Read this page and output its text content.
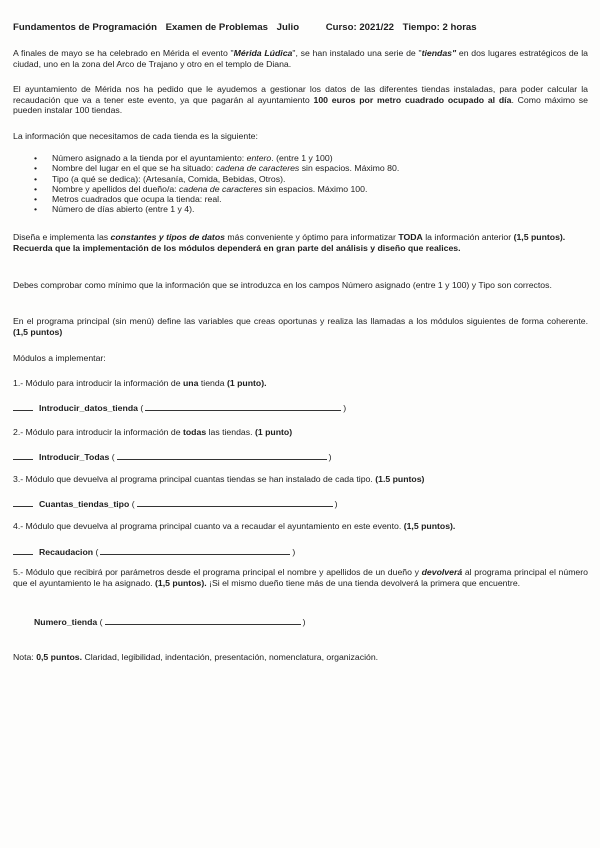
Fundamentos de Programación Examen de Problemas Julio	Curso: 2021/22 Tiempo: 2 horas

A finales de mayo se ha celebrado en Mérida el evento "Mérida Lúdica", se han instalado una serie de "tiendas" en dos lugares estratégicos de la ciudad, uno en la zona del Arco de Trajano y otro en el templo de Diana.

El ayuntamiento de Mérida nos ha pedido que le ayudemos a gestionar los datos de las diferentes tiendas instaladas, para poder calcular la recaudación que va a tener este evento, ya que pagarán al ayuntamiento 100 euros por metro cuadrado ocupado al día. Como máximo se pueden instalar 100 tiendas.

La información que necesitamos de cada tienda es la siguiente:

• Número asignado a la tienda por el ayuntamiento: entero. (entre 1 y 100)
• Nombre del lugar en el que se ha situado: cadena de caracteres sin espacios. Máximo 80.
• Tipo (a qué se dedica): (Artesanía, Comida, Bebidas, Otros).
• Nombre y apellidos del dueño/a: cadena de caracteres sin espacios. Máximo 100.
• Metros cuadrados que ocupa la tienda: real.
• Número de días abierto (entre 1 y 4).

Diseña e implementa las constantes y tipos de datos más conveniente y óptimo para informatizar TODA la información anterior (1,5 puntos).

Recuerda que la implementación de los módulos dependerá en gran parte del análisis y diseño que realices.

Debes comprobar como mínimo que la información que se introduzca en los campos Número asignado (entre 1 y 100) y Tipo son correctos.

En el programa principal (sin menú) define las variables que creas oportunas y realiza las llamadas a los módulos siguientes de forma coherente. (1,5 puntos)

Módulos a implementar:

1.- Módulo para introducir la información de una tienda (1 punto).

Introducir_datos_tienda (	)

2.- Módulo para introducir la información de todas las tiendas. (1 punto)

Introducir_Todas (	)

3.- Módulo que devuelva al programa principal cuantas tiendas se han instalado de cada tipo. (1.5 puntos)

Cuantas_tiendas_tipo (	)

4.- Módulo que devuelva al programa principal cuanto va a recaudar el ayuntamiento en este evento. (1,5 puntos).

Recaudacion (	)

5.- Módulo que recibirá por parámetros desde el programa principal el nombre y apellidos de un dueño y devolverá al programa principal el número que el ayuntamiento le ha asignado. (1,5 puntos). ¡Si el mismo dueño tiene más de una tienda devolverá la primera que encuentre.

Numero_tienda (	)

Nota: 0,5 puntos. Claridad, legibilidad, indentación, presentación, nomenclatura, organización.
